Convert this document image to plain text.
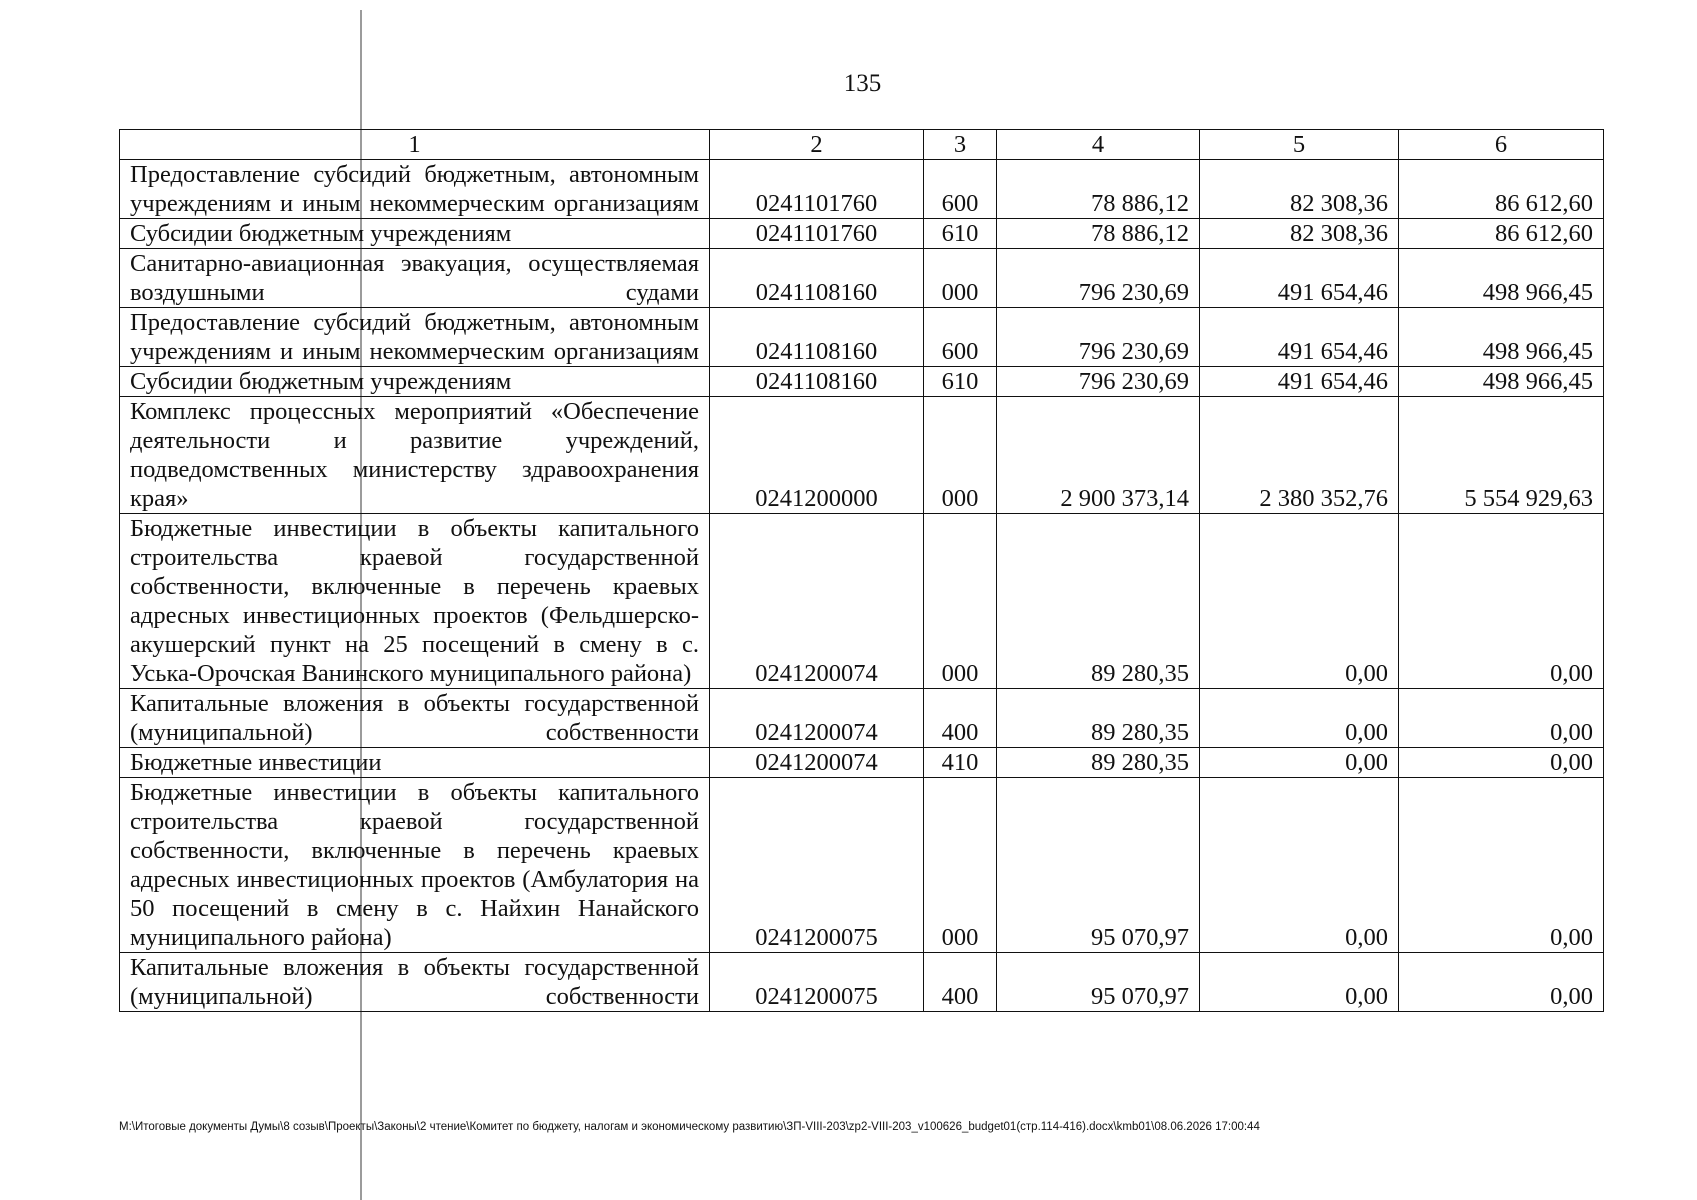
135
1	2	3	4	5	6
Предоставление субсидий бюджетным, автономным учреждениям и иным некоммерческим организациям	0241101760	600	78 886,12	82 308,36	86 612,60
Субсидии бюджетным учреждениям	0241101760	610	78 886,12	82 308,36	86 612,60
Санитарно-авиационная эвакуация, осуществляемая воздушными судами	0241108160	000	796 230,69	491 654,46	498 966,45
Предоставление субсидий бюджетным, автономным учреждениям и иным некоммерческим организациям	0241108160	600	796 230,69	491 654,46	498 966,45
Субсидии бюджетным учреждениям	0241108160	610	796 230,69	491 654,46	498 966,45
Комплекс процессных мероприятий «Обеспечение деятельности и развитие учреждений, подведомственных министерству здравоохранения края»	0241200000	000	2 900 373,14	2 380 352,76	5 554 929,63
Бюджетные инвестиции в объекты капитального строительства краевой государственной собственности, включенные в перечень краевых адресных инвестиционных проектов (Фельдшерско-акушерский пункт на 25 посещений в смену в с. Уська-Орочская Ванинского муниципального района)	0241200074	000	89 280,35	0,00	0,00
Капитальные вложения в объекты государственной (муниципальной) собственности	0241200074	400	89 280,35	0,00	0,00
Бюджетные инвестиции	0241200074	410	89 280,35	0,00	0,00
Бюджетные инвестиции в объекты капитального строительства краевой государственной собственности, включенные в перечень краевых адресных инвестиционных проектов (Амбулатория на 50 посещений в смену в с. Найхин Нанайского муниципального района)	0241200075	000	95 070,97	0,00	0,00
Капитальные вложения в объекты государственной (муниципальной) собственности	0241200075	400	95 070,97	0,00	0,00
М:\Итоговые документы Думы\8 созыв\Проекты\Законы\2 чтение\Комитет по бюджету, налогам и экономическому развитию\ЗП-VIII-203\zp2-VIII-203_v100626_budget01(стр.114-416).docx\kmb01\08.06.2026 17:00:44
